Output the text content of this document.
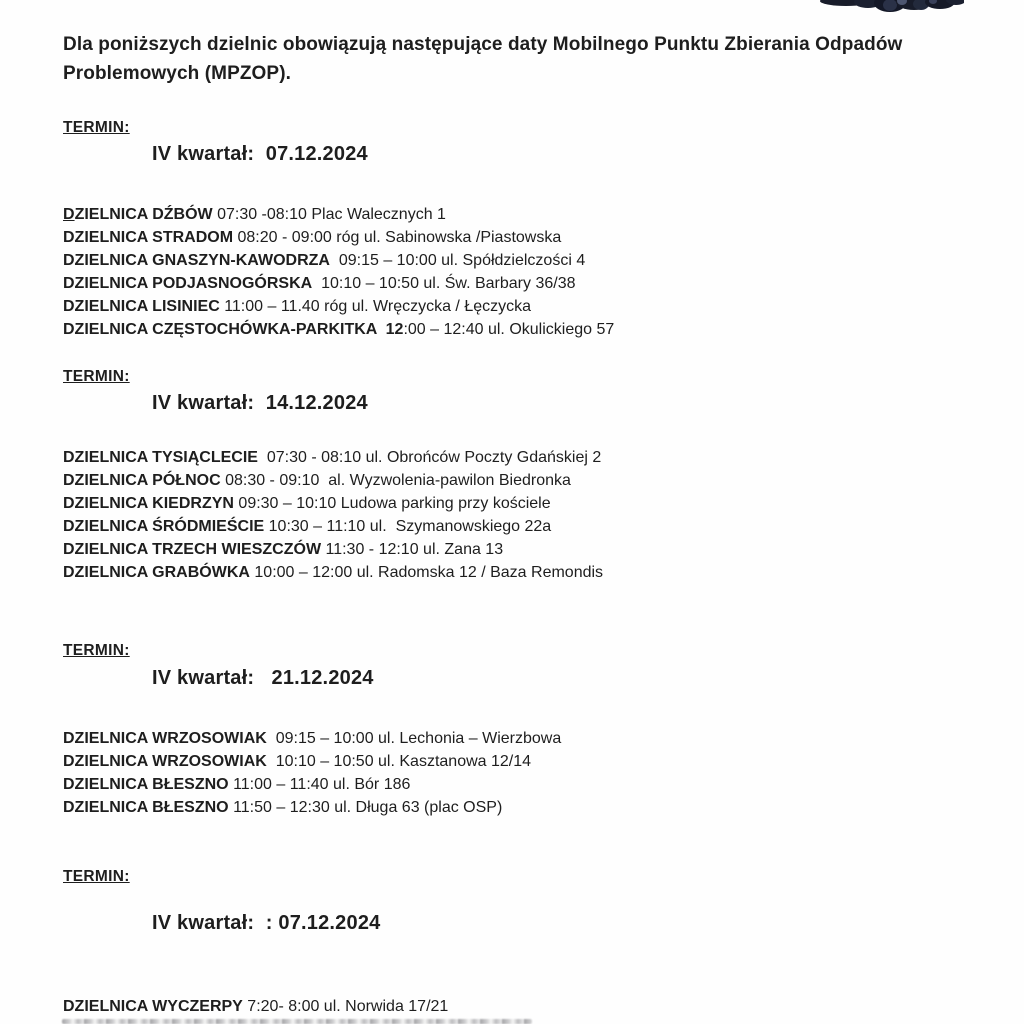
Dla poniższych dzielnic obowiązują następujące daty Mobilnego Punktu Zbierania Odpadów Problemowych (MPZOP).
TERMIN:
IV kwartał:  07.12.2024
DZIELNICA DŹBÓW 07:30 -08:10 Plac Walecznych 1
DZIELNICA STRADOM 08:20 - 09:00 róg ul. Sabinowska /Piastowska
DZIELNICA GNASZYN-KAWODRZA  09:15 – 10:00 ul. Spółdzielczości 4
DZIELNICA PODJASNOGÓRSKA  10:10 – 10:50 ul. Św. Barbary 36/38
DZIELNICA LISINIEC 11:00 – 11.40 róg ul. Wręczycka / Łęczycka
DZIELNICA CZĘSTOCHÓWKA-PARKITKA  12:00 – 12:40 ul. Okulickiego 57
TERMIN:
IV kwartał:  14.12.2024
DZIELNICA TYSIĄCLECIE  07:30 - 08:10 ul. Obrońców Poczty Gdańskiej 2
DZIELNICA PÓŁNOC 08:30 - 09:10  al. Wyzwolenia-pawilon Biedronka
DZIELNICA KIEDRZYN 09:30 – 10:10 Ludowa parking przy kościele
DZIELNICA ŚRÓDMIEŚCIE 10:30 – 11:10 ul.  Szymanowskiego 22a
DZIELNICA TRZECH WIESZCZÓW 11:30 - 12:10 ul. Zana 13
DZIELNICA GRABÓWKA 10:00 – 12:00 ul. Radomska 12 / Baza Remondis
TERMIN:
IV kwartał:   21.12.2024
DZIELNICA WRZOSOWIAK  09:15 – 10:00 ul. Lechonia – Wierzbowa
DZIELNICA WRZOSOWIAK  10:10 – 10:50 ul. Kasztanowa 12/14
DZIELNICA BŁESZNO 11:00 – 11:40 ul. Bór 186
DZIELNICA BŁESZNO 11:50 – 12:30 ul. Długa 63 (plac OSP)
TERMIN:
IV kwartał:  : 07.12.2024
DZIELNICA WYCZERPY 7:20- 8:00 ul. Norwida 17/21
